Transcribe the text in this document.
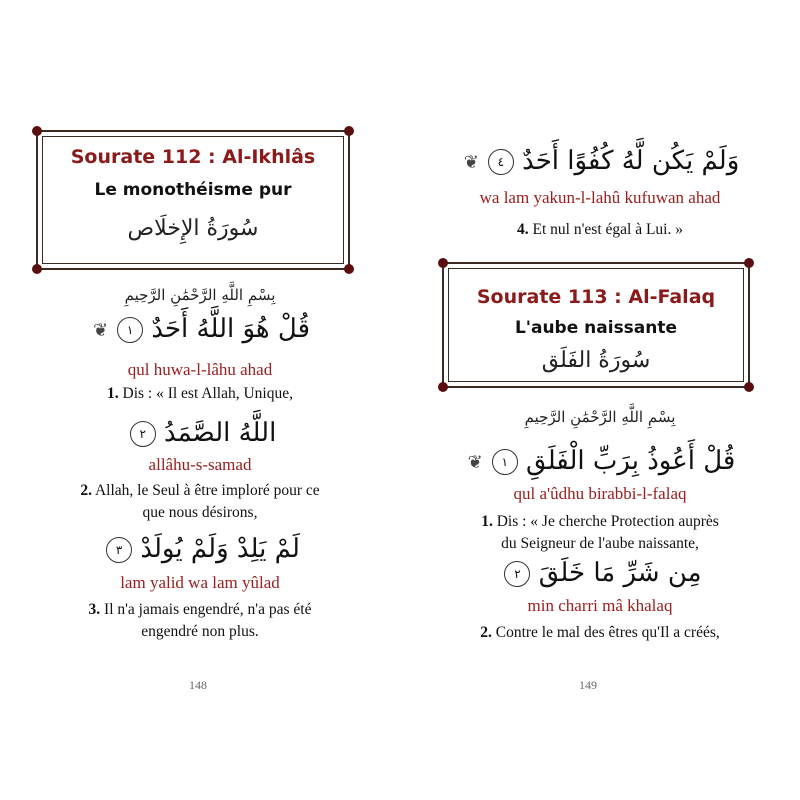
Sourate 112 : Al-Ikhlâs
Le monothéisme pur
سُورَةُ الإِخلَاص
بِسْمِ اللَّهِ الرَّحْمَٰنِ الرَّحِيمِ
❦ ١ قُلْ هُوَ اللَّهُ أَحَدٌ
qul huwa-l-lâhu ahad
1. Dis : « Il est Allah, Unique,
٢ اللَّهُ الصَّمَدُ
allâhu-s-samad
2. Allah, le Seul à être imploré pour ce
que nous désirons,
٣ لَمْ يَلِدْ وَلَمْ يُولَدْ
lam yalid wa lam yûlad
3. Il n'a jamais engendré, n'a pas été
engendré non plus.
148
❦ ٤ وَلَمْ يَكُن لَّهُ كُفُوًا أَحَدٌ
wa lam yakun-l-lahû kufuwan ahad
4. Et nul n'est égal à Lui. »
Sourate 113 : Al-Falaq
L'aube naissante
سُورَةُ الفَلَق
بِسْمِ اللَّهِ الرَّحْمَٰنِ الرَّحِيمِ
❦ ١ قُلْ أَعُوذُ بِرَبِّ الْفَلَقِ
qul a'ûdhu birabbi-l-falaq
1. Dis : « Je cherche Protection auprès
du Seigneur de l'aube naissante,
٢ مِن شَرِّ مَا خَلَقَ
min charri mâ khalaq
2. Contre le mal des êtres qu'Il a créés,
149
